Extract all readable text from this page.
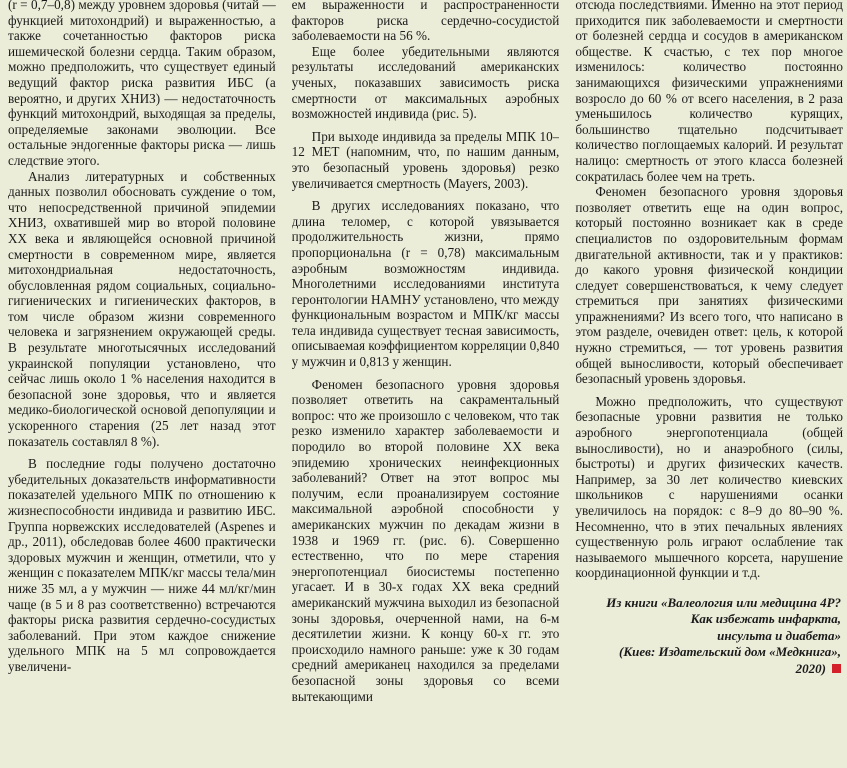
(r = 0,7–0,8) между уровнем здоровья (читай — функцией митохондрий) и выраженностью, а также сочетанностью факторов риска ишемической болезни сердца. Таким образом, можно предположить, что существует единый ведущий фактор риска развития ИБС (а вероятно, и других ХНИЗ) — недостаточность функций митохондрий, выходящая за пределы, определяемые законами эволюции. Все остальные эндогенные факторы риска — лишь следствие этого.

Анализ литературных и собственных данных позволил обосновать суждение о том, что непосредственной причиной эпидемии ХНИЗ, охватившей мир во второй половине XX века и являющейся основной причиной смертности в современном мире, является митохондриальная недостаточность, обусловленная рядом социальных, социально-гигиенических и гигиенических факторов, в том числе образом жизни современного человека и загрязнением окружающей среды. В результате многотысячных исследований украинской популяции установлено, что сейчас лишь около 1 % населения находится в безопасной зоне здоровья, что и является медико-биологической основой депопуляции и ускоренного старения (25 лет назад этот показатель составлял 8 %).

В последние годы получено достаточно убедительных доказательств информативности показателей удельного МПК по отношению к жизнеспособности индивида и развитию ИБС. Группа норвежских исследователей (Aspenes и др., 2011), обследовав более 4600 практически здоровых мужчин и женщин, отметили, что у женщин с показателем МПК/кг массы тела/мин ниже 35 мл, а у мужчин — ниже 44 мл/кг/мин чаще (в 5 и 8 раз соответственно) встречаются факторы риска развития сердечно-сосудистых заболеваний. При этом каждое снижение удельного МПК на 5 мл сопровождается увеличени-

ем выраженности и распространенности факторов риска сердечно-сосудистой заболеваемости на 56 %.

Еще более убедительными являются результаты исследований американских ученых, показавших зависимость риска смертности от максимальных аэробных возможностей индивида (рис. 5).

При выходе индивида за пределы МПК 10–12 МЕТ (напомним, что, по нашим данным, это безопасный уровень здоровья) резко увеличивается смертность (Mayers, 2003).

В других исследованиях показано, что длина теломер, с которой увязывается продолжительность жизни, прямо пропорциональна (r = 0,78) максимальным аэробным возможностям индивида. Многолетними исследованиями института геронтологии НАМНУ установлено, что между функциональным возрастом и МПК/кг массы тела индивида существует тесная зависимость, описываемая коэффициентом корреляции 0,840 у мужчин и 0,813 у женщин.

Феномен безопасного уровня здоровья позволяет ответить на сакраментальный вопрос: что же произошло с человеком, что так резко изменило характер заболеваемости и породило во второй половине XX века эпидемию хронических неинфекционных заболеваний? Ответ на этот вопрос мы получим, если проанализируем состояние максимальной аэробной способности у американских мужчин по декадам жизни в 1938 и 1969 гг. (рис. 6). Совершенно естественно, что по мере старения энергопотенциал биосистемы постепенно угасает. И в 30-х годах XX века средний американский мужчина выходил из безопасной зоны здоровья, очерченной нами, на 6-м десятилетии жизни. К концу 60-х гг. это происходило намного раньше: уже к 30 годам средний американец находился за пределами безопасной зоны здоровья со всеми вытекающими

отсюда последствиями. Именно на этот период приходится пик заболеваемости и смертности от болезней сердца и сосудов в американском обществе. К счастью, с тех пор многое изменилось: количество постоянно занимающихся физическими упражнениями возросло до 60 % от всего населения, в 2 раза уменьшилось количество курящих, большинство тщательно подсчитывает количество поглощаемых калорий. И результат налицо: смертность от этого класса болезней сократилась более чем на треть.

Феномен безопасного уровня здоровья позволяет ответить еще на один вопрос, который постоянно возникает как в среде специалистов по оздоровительным формам двигательной активности, так и у практиков: до какого уровня физической кондиции следует совершенствоваться, к чему следует стремиться при занятиях физическими упражнениями? Из всего того, что написано в этом разделе, очевиден ответ: цель, к которой нужно стремиться, — тот уровень развития общей выносливости, который обеспечивает безопасный уровень здоровья.

Можно предположить, что существуют безопасные уровни развития не только аэробного энергопотенциала (общей выносливости), но и анаэробного (силы, быстроты) и других физических качеств. Например, за 30 лет количество киевских школьников с нарушениями осанки увеличилось на порядок: с 8–9 до 80–90 %. Несомненно, что в этих печальных явлениях существенную роль играют ослабление так называемого мышечного корсета, нарушение координационной функции и т.д.

Из книги «Валеология или медицина 4Р?
Как избежать инфаркта,
инсульта и диабета»
(Киев: Издательский дом «Медкнига»,
2020)
